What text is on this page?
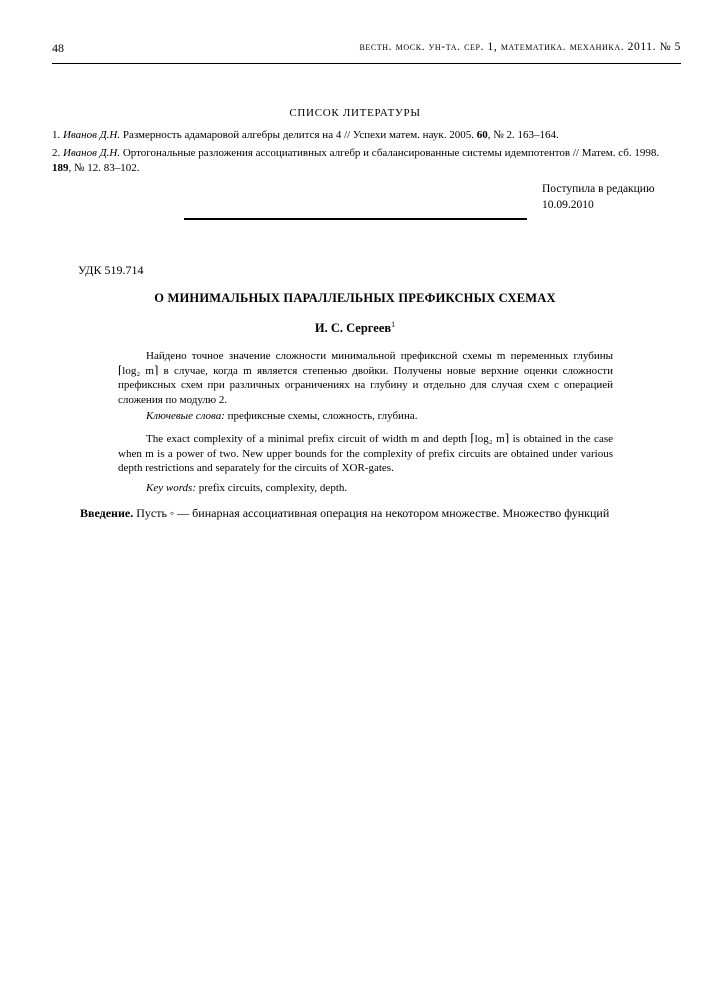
48	вестн. моск. ун-та. сер. 1, математика. механика. 2011. № 5
СПИСОК ЛИТЕРАТУРЫ
1. Иванов Д.Н. Размерность адамаровой алгебры делится на 4 // Успехи матем. наук. 2005. 60, № 2. 163–164.
2. Иванов Д.Н. Ортогональные разложения ассоциативных алгебр и сбалансированные системы идемпотентов // Матем. сб. 1998. 189, № 12. 83–102.
Поступила в редакцию
10.09.2010
УДК 519.714
О МИНИМАЛЬНЫХ ПАРАЛЛЕЛЬНЫХ ПРЕФИКСНЫХ СХЕМАХ
И. С. Сергеев$^1$
Найдено точное значение сложности минимальной префиксной схемы m переменных глубины ⌈log₂ m⌉ в случае, когда m является степенью двойки. Получены новые верхние оценки сложности префиксных схем при различных ограничениях на глубину и отдельно для случая схем с операцией сложения по модулю 2.
Ключевые слова: префиксные схемы, сложность, глубина.
The exact complexity of a minimal prefix circuit of width m and depth ⌈log₂ m⌉ is obtained in the case when m is a power of two. New upper bounds for the complexity of prefix circuits are obtained under various depth restrictions and separately for the circuits of XOR-gates.
Key words: prefix circuits, complexity, depth.
Введение. Пусть ◦ — бинарная ассоциативная операция на некотором множестве. Множество функций
